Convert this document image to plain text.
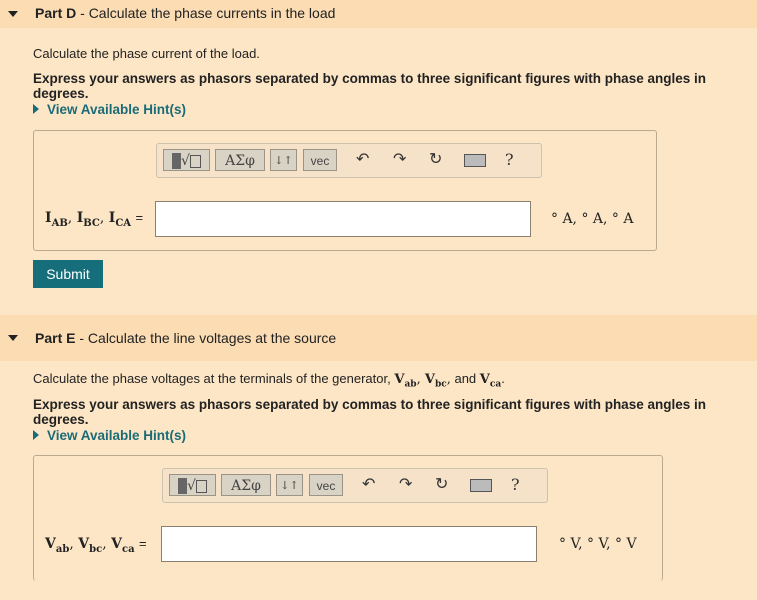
Part D - Calculate the phase currents in the load
Calculate the phase current of the load.
Express your answers as phasors separated by commas to three significant figures with phase angles in degrees.
View Available Hint(s)
√	ΑΣφ	↓↑	vec	↶ ↷ ↻	?
$I_{AB}$, $I_{BC}$, $I_{CA}$ =	° A, ° A, ° A
Submit
Part E - Calculate the line voltages at the source
Calculate the phase voltages at the terminals of the generator, $V_{ab}$, $V_{bc}$, and $V_{ca}$.
Express your answers as phasors separated by commas to three significant figures with phase angles in degrees.
View Available Hint(s)
√	ΑΣφ	↓↑	vec	↶ ↷ ↻	?
$V_{ab}$, $V_{bc}$, $V_{ca}$ =	° V, ° V, ° V
